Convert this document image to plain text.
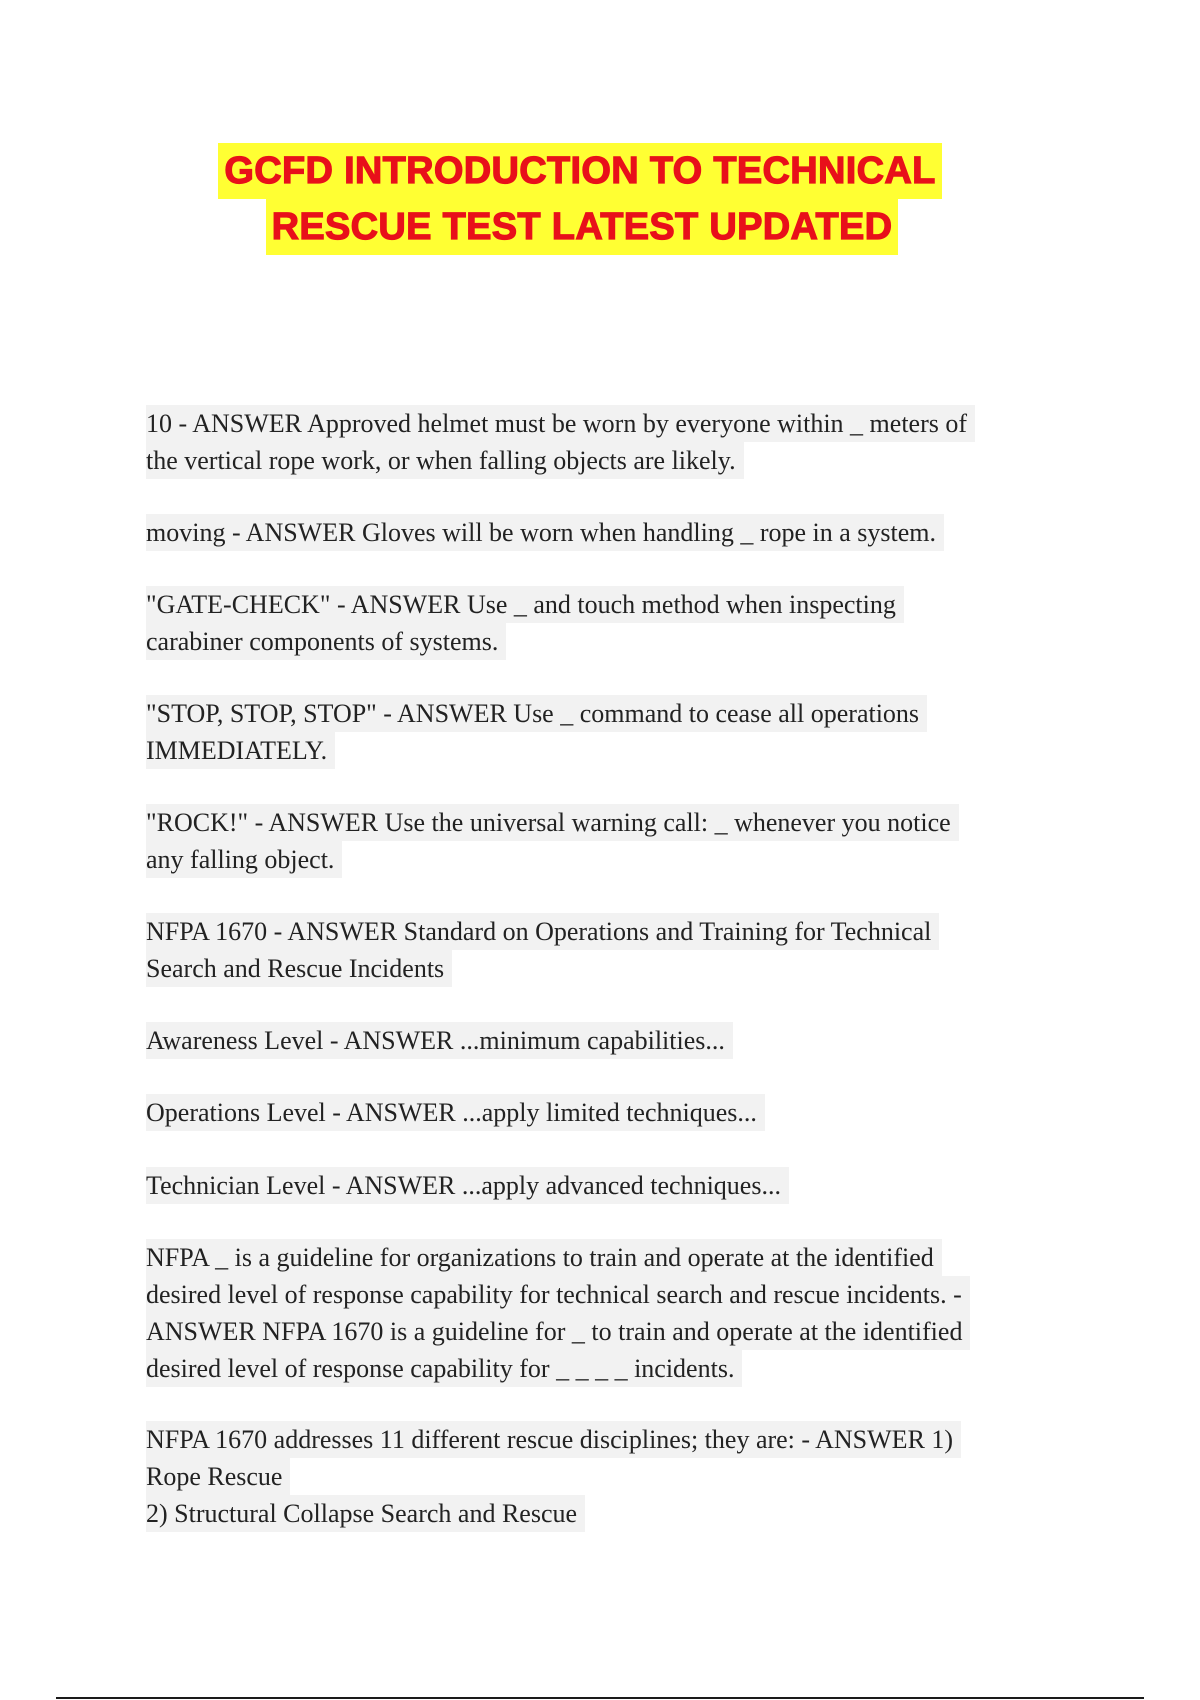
GCFD INTRODUCTION TO TECHNICAL
RESCUE TEST LATEST UPDATED
10 - ANSWER Approved helmet must be worn by everyone within _ meters of
the vertical rope work, or when falling objects are likely.
moving - ANSWER Gloves will be worn when handling _ rope in a system.
"GATE-CHECK" - ANSWER Use _ and touch method when inspecting
carabiner components of systems.
"STOP, STOP, STOP" - ANSWER Use _ command to cease all operations
IMMEDIATELY.
"ROCK!" - ANSWER Use the universal warning call: _ whenever you notice
any falling object.
NFPA 1670 - ANSWER Standard on Operations and Training for Technical
Search and Rescue Incidents
Awareness Level - ANSWER ...minimum capabilities...
Operations Level - ANSWER ...apply limited techniques...
Technician Level - ANSWER ...apply advanced techniques...
NFPA _ is a guideline for organizations to train and operate at the identified
desired level of response capability for technical search and rescue incidents. -
ANSWER NFPA 1670 is a guideline for _ to train and operate at the identified
desired level of response capability for _ _ _ _ incidents.
NFPA 1670 addresses 11 different rescue disciplines; they are: - ANSWER 1)
Rope Rescue
2) Structural Collapse Search and Rescue
